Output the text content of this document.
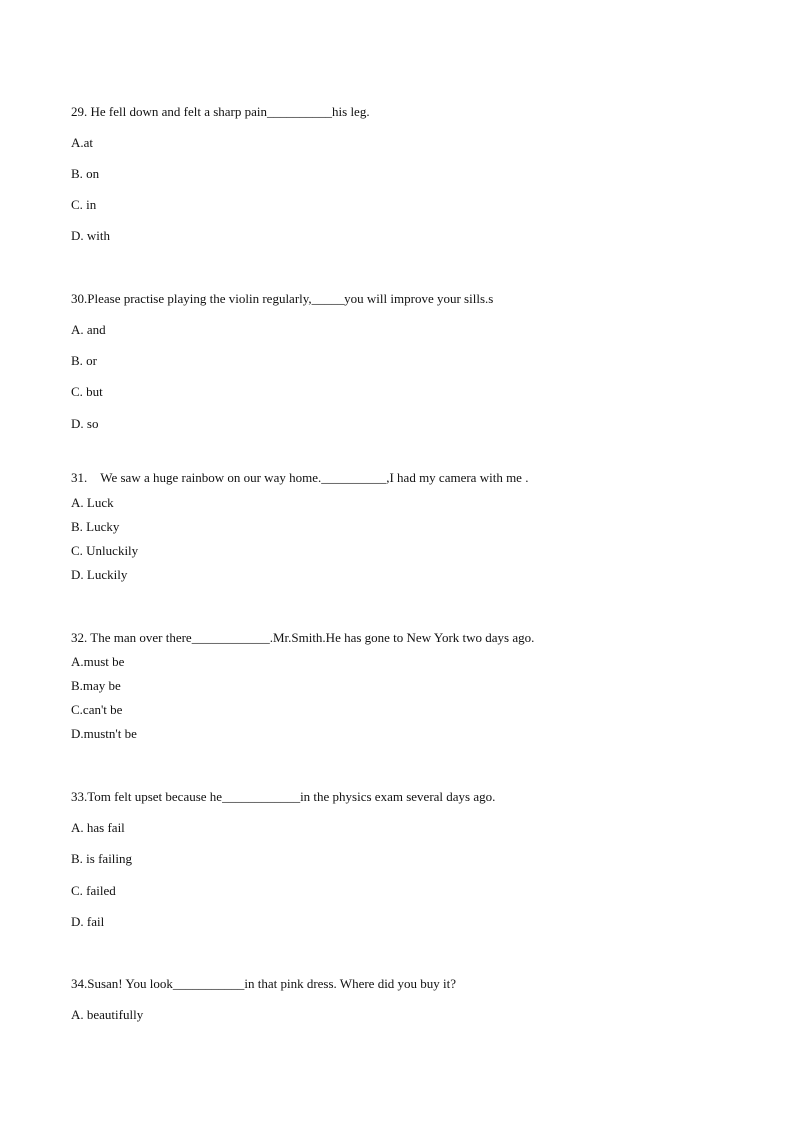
29. He fell down and felt a sharp pain__________his leg.
A.at
B. on
C. in
D. with
30.Please practise playing the violin regularly,_____you will improve your sills.s
A. and
B. or
C. but
D. so
31.    We saw a huge rainbow on our way home.__________,I had my camera with me .
A. Luck
B. Lucky
C. Unluckily
D. Luckily
32. The man over there____________.Mr.Smith.He has gone to New York two days ago.
A.must be
B.may be
C.can't be
D.mustn't be
33.Tom felt upset because he____________in the physics exam several days ago.
A. has fail
B. is failing
C. failed
D. fail
34.Susan! You look___________in that pink dress. Where did you buy it?
A. beautifully
